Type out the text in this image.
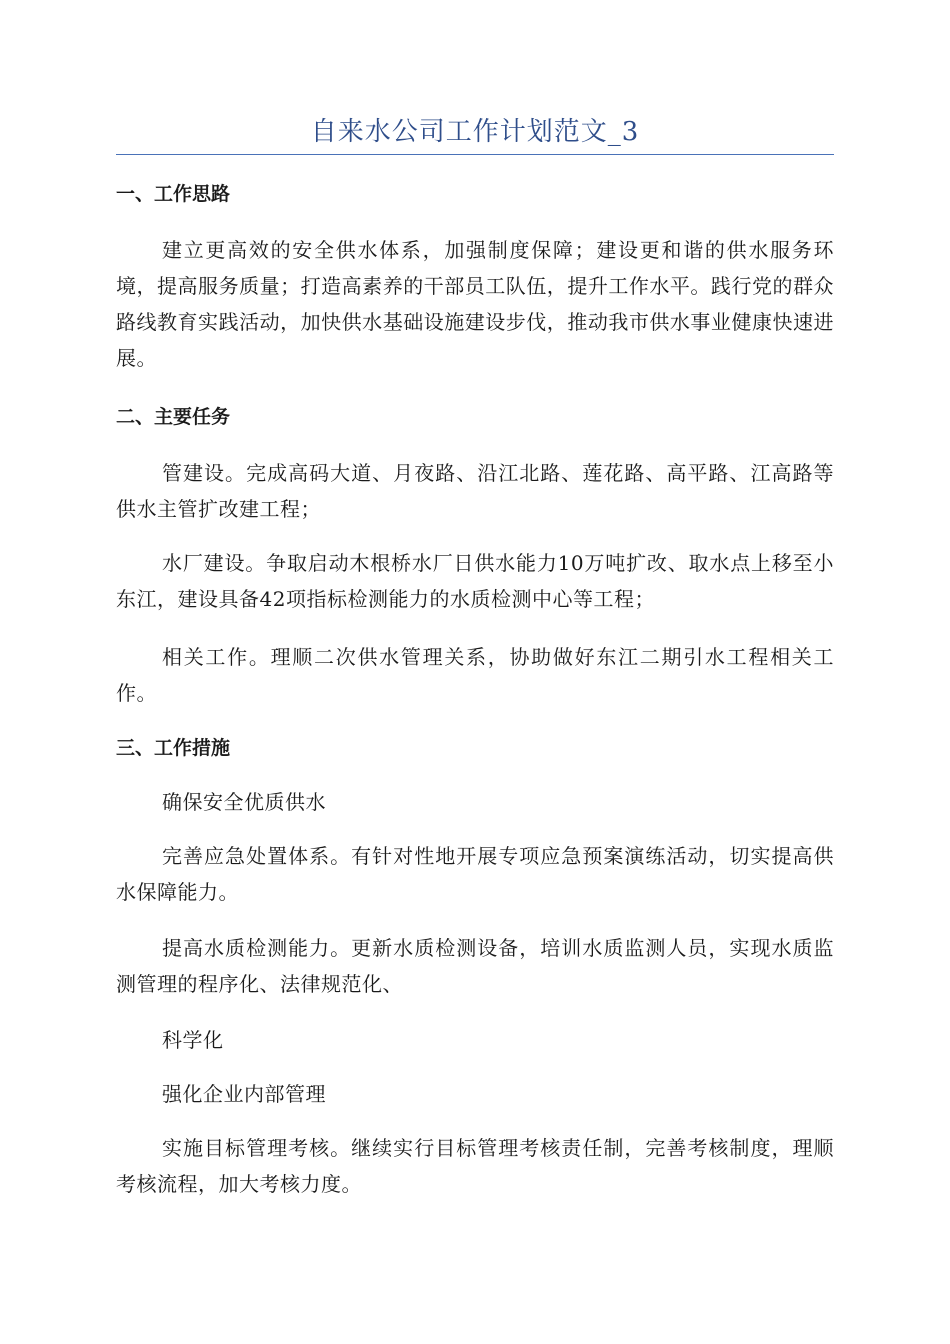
自来水公司工作计划范文_3
一、工作思路
建立更高效的安全供水体系，加强制度保障；建设更和谐的供水服务环境，提高服务质量；打造高素养的干部员工队伍，提升工作水平。践行党的群众路线教育实践活动，加快供水基础设施建设步伐，推动我市供水事业健康快速进展。
二、主要任务
管建设。完成高码大道、月夜路、沿江北路、莲花路、高平路、江高路等供水主管扩改建工程；
水厂建设。争取启动木根桥水厂日供水能力10万吨扩改、取水点上移至小东江，建设具备42项指标检测能力的水质检测中心等工程；
相关工作。理顺二次供水管理关系，协助做好东江二期引水工程相关工作。
三、工作措施
确保安全优质供水
完善应急处置体系。有针对性地开展专项应急预案演练活动，切实提高供水保障能力。
提高水质检测能力。更新水质检测设备，培训水质监测人员，实现水质监测管理的程序化、法律规范化、
科学化
强化企业内部管理
实施目标管理考核。继续实行目标管理考核责任制，完善考核制度，理顺考核流程，加大考核力度。
